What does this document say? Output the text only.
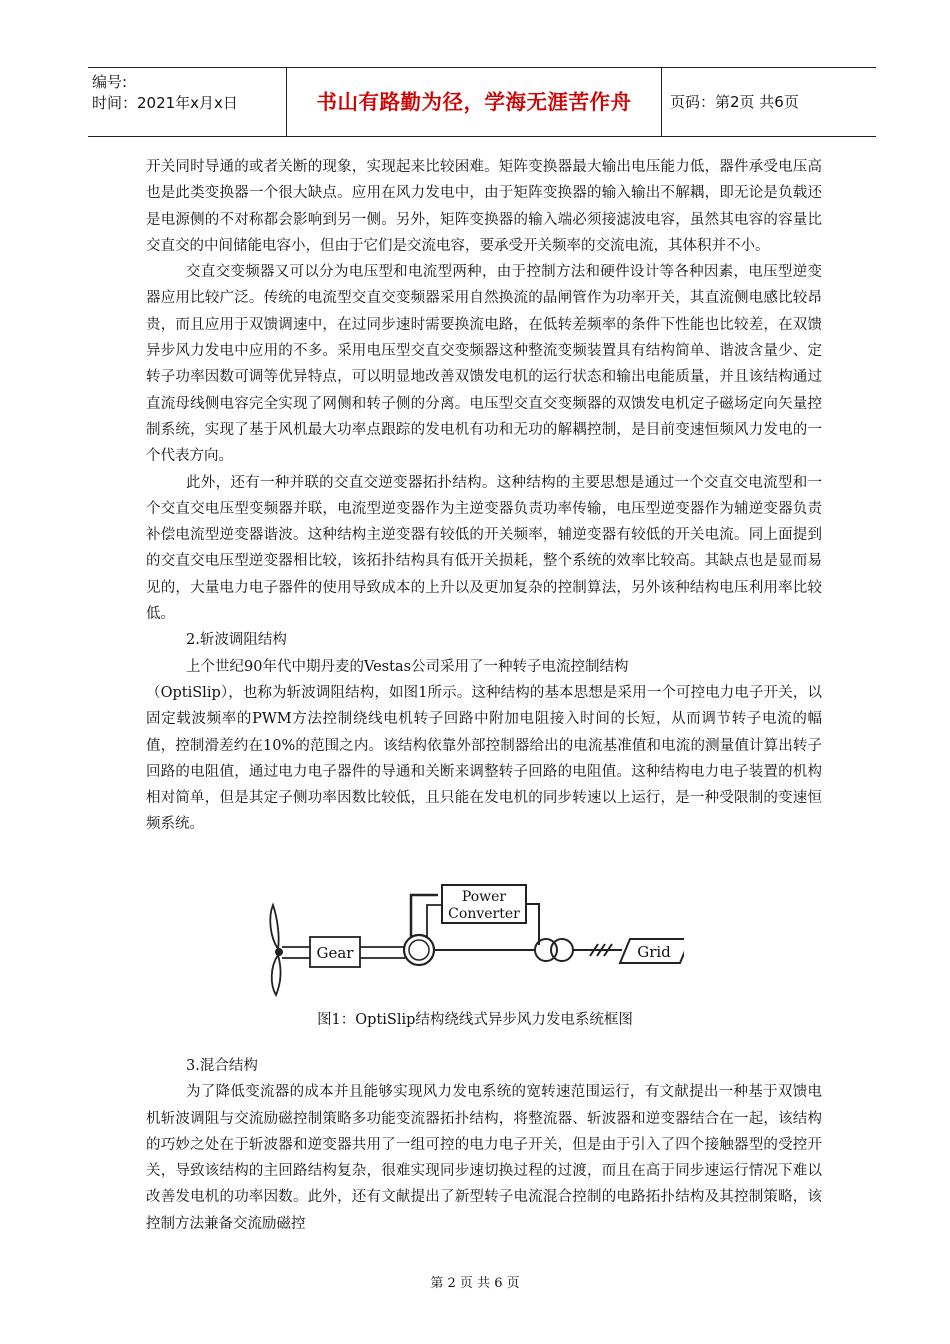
编号:
时间：2021年x月x日	书山有路勤为径，学海无涯苦作舟	页码：第2页 共6页

开关同时导通的或者关断的现象，实现起来比较困难。矩阵变换器最大输出电压能力低，器件承受电压高也是此类变换器一个很大缺点。应用在风力发电中，由于矩阵变换器的输入输出不解耦，即无论是负载还是电源侧的不对称都会影响到另一侧。另外，矩阵变换器的输入端必须接滤波电容，虽然其电容的容量比交直交的中间储能电容小，但由于它们是交流电容，要承受开关频率的交流电流，其体积并不小。

交直交变频器又可以分为电压型和电流型两种，由于控制方法和硬件设计等各种因素，电压型逆变器应用比较广泛。传统的电流型交直交变频器采用自然换流的晶闸管作为功率开关，其直流侧电感比较昂贵，而且应用于双馈调速中，在过同步速时需要换流电路，在低转差频率的条件下性能也比较差，在双馈异步风力发电中应用的不多。采用电压型交直交变频器这种整流变频装置具有结构简单、谐波含量少、定转子功率因数可调等优异特点，可以明显地改善双馈发电机的运行状态和输出电能质量，并且该结构通过直流母线侧电容完全实现了网侧和转子侧的分离。电压型交直交变频器的双馈发电机定子磁场定向矢量控制系统，实现了基于风机最大功率点跟踪的发电机有功和无功的解耦控制，是目前变速恒频风力发电的一个代表方向。

此外，还有一种并联的交直交逆变器拓扑结构。这种结构的主要思想是通过一个交直交电流型和一个交直交电压型变频器并联，电流型逆变器作为主逆变器负责功率传输，电压型逆变器作为辅逆变器负责补偿电流型逆变器谐波。这种结构主逆变器有较低的开关频率，辅逆变器有较低的开关电流。同上面提到的交直交电压型逆变器相比较，该拓扑结构具有低开关损耗，整个系统的效率比较高。其缺点也是显而易见的，大量电力电子器件的使用导致成本的上升以及更加复杂的控制算法，另外该种结构电压利用率比较低。

2.斩波调阻结构

上个世纪90年代中期丹麦的Vestas公司采用了一种转子电流控制结构

（OptiSlip），也称为斩波调阻结构，如图1所示。这种结构的基本思想是采用一个可控电力电子开关，以固定载波频率的PWM方法控制绕线电机转子回路中附加电阻接入时间的长短，从而调节转子电流的幅值，控制滑差约在10%的范围之内。该结构依靠外部控制器给出的电流基准值和电流的测量值计算出转子回路的电阻值，通过电力电子器件的导通和关断来调整转子回路的电阻值。这种结构电力电子装置的机构相对简单，但是其定子侧功率因数比较低，且只能在发电机的同步转速以上运行，是一种受限制的变速恒频系统。

Gear
Power
Converter
Grid
图1：OptiSlip结构绕线式异步风力发电系统框图

3.混合结构

为了降低变流器的成本并且能够实现风力发电系统的宽转速范围运行，有文献提出一种基于双馈电机斩波调阻与交流励磁控制策略多功能变流器拓扑结构，将整流器、斩波器和逆变器结合在一起，该结构的巧妙之处在于斩波器和逆变器共用了一组可控的电力电子开关，但是由于引入了四个接触器型的受控开关，导致该结构的主回路结构复杂，很难实现同步速切换过程的过渡，而且在高于同步速运行情况下难以改善发电机的功率因数。此外，还有文献提出了新型转子电流混合控制的电路拓扑结构及其控制策略，该控制方法兼备交流励磁控

第 2 页 共 6 页
